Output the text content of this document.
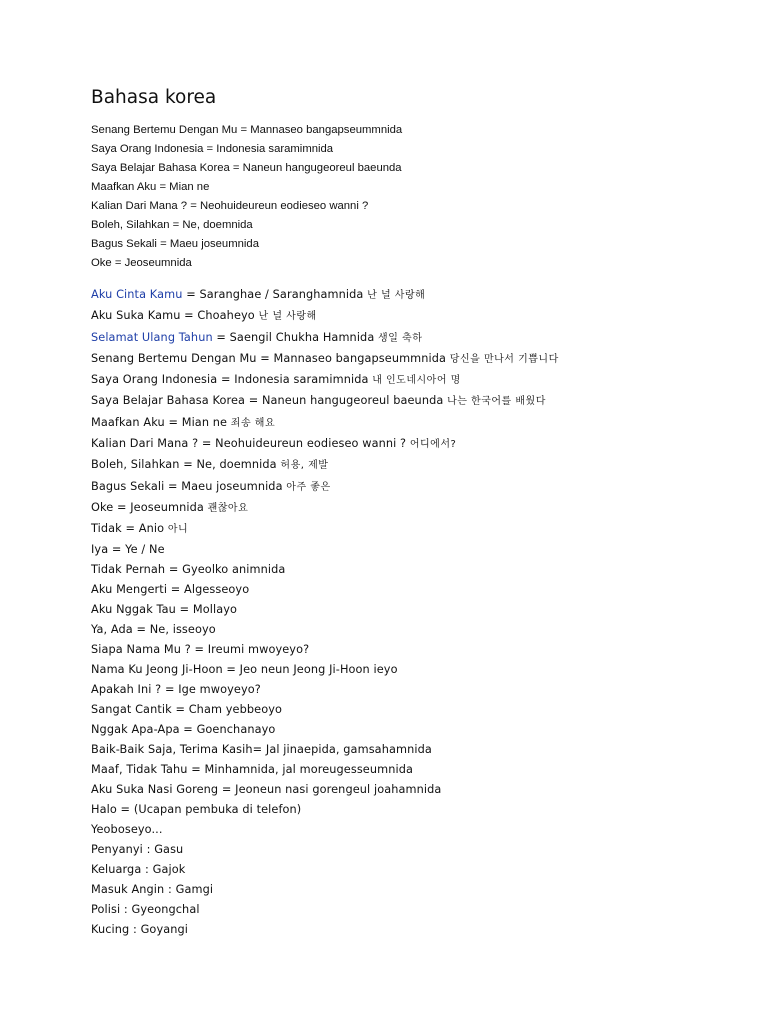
Bahasa korea
Senang Bertemu Dengan Mu = Mannaseo bangapseummnida
Saya Orang Indonesia = Indonesia saramimnida
Saya Belajar Bahasa Korea = Naneun hangugeoreul baeunda
Maafkan Aku = Mian ne
Kalian Dari Mana ? = Neohuideureun eodieseo wanni ?
Boleh, Silahkan = Ne, doemnida
Bagus Sekali = Maeu joseumnida
Oke = Jeoseumnida
Aku Cinta Kamu = Saranghae / Saranghamnida 난 널 사랑해
Aku Suka Kamu = Choaheyo 난 널 사랑해
Selamat Ulang Tahun = Saengil Chukha Hamnida 생일 축하
Senang Bertemu Dengan Mu = Mannaseo bangapseummnida 당신을 만나서 기쁩니다
Saya Orang Indonesia = Indonesia saramimnida 내 인도네시아어 명
Saya Belajar Bahasa Korea = Naneun hangugeoreul baeunda 나는 한국어를 배웠다
Maafkan Aku = Mian ne 죄송 해요
Kalian Dari Mana ? = Neohuideureun eodieseo wanni ? 어디에서?
Boleh, Silahkan = Ne, doemnida 허용, 제발
Bagus Sekali = Maeu joseumnida 아주 좋은
Oke = Jeoseumnida 괜찮아요
Tidak = Anio 아니
Iya = Ye / Ne
Tidak Pernah = Gyeolko animnida
Aku Mengerti = Algesseoyo
Aku Nggak Tau = Mollayo
Ya, Ada = Ne, isseoyo
Siapa Nama Mu ? = Ireumi mwoyeyo?
Nama Ku Jeong Ji-Hoon = Jeo neun Jeong Ji-Hoon ieyo
Apakah Ini ? = Ige mwoyeyo?
Sangat Cantik = Cham yebbeoyo
Nggak Apa-Apa = Goenchanayo
Baik-Baik Saja, Terima Kasih= Jal jinaepida, gamsahamnida
Maaf, Tidak Tahu = Minhamnida, jal moreugesseumnida
Aku Suka Nasi Goreng = Jeoneun nasi gorengeul joahamnida
Halo = (Ucapan pembuka di telefon)
Yeoboseyo...
Penyanyi : Gasu
Keluarga : Gajok
Masuk Angin : Gamgi
Polisi : Gyeongchal
Kucing : Goyangi
